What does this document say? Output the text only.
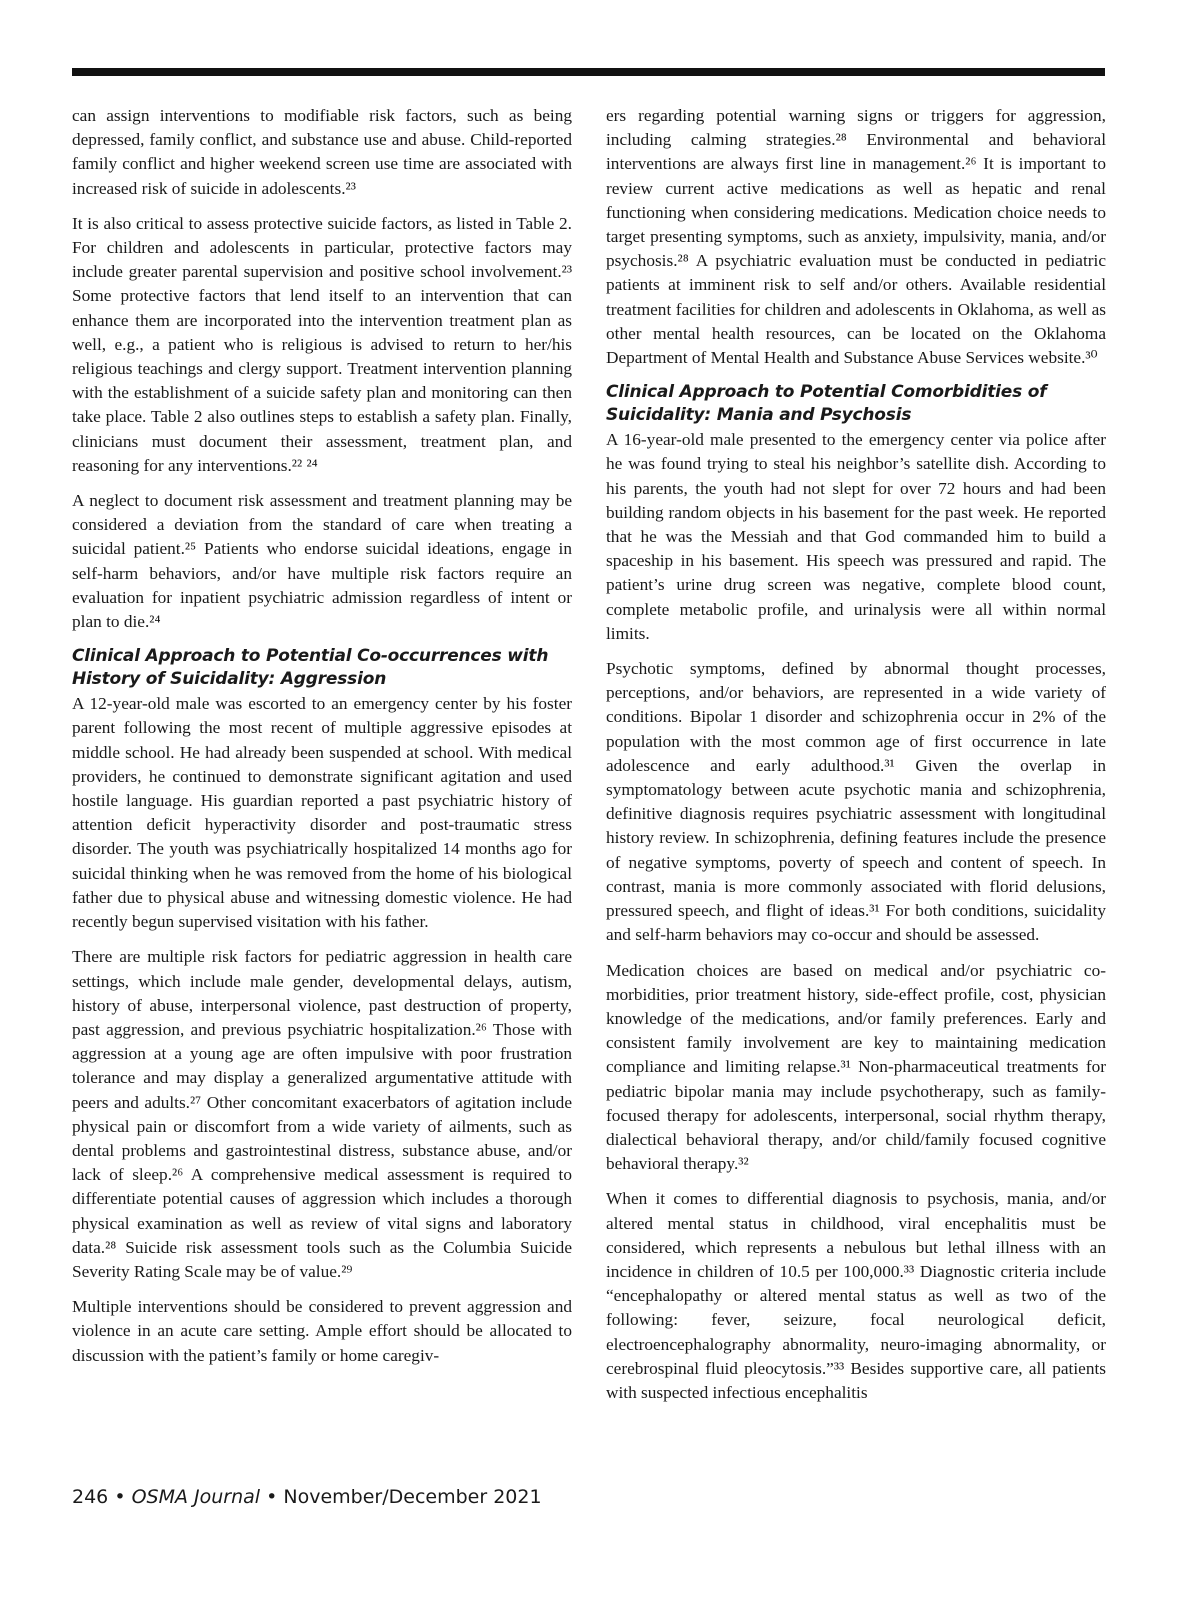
can assign interventions to modifiable risk factors, such as being depressed, family conflict, and substance use and abuse. Child-reported family conflict and higher weekend screen use time are associated with increased risk of suicide in adolescents.²³

It is also critical to assess protective suicide factors, as listed in Table 2. For children and adolescents in particular, protective factors may include greater parental supervision and positive school involvement.²³ Some protective factors that lend itself to an intervention that can enhance them are incorporated into the intervention treatment plan as well, e.g., a patient who is religious is advised to return to her/his religious teachings and clergy support. Treatment intervention planning with the establishment of a suicide safety plan and monitoring can then take place. Table 2 also outlines steps to establish a safety plan. Finally, clinicians must document their assessment, treatment plan, and reasoning for any interventions.²² ²⁴

A neglect to document risk assessment and treatment planning may be considered a deviation from the standard of care when treating a suicidal patient.²⁵ Patients who endorse suicidal ideations, engage in self-harm behaviors, and/or have multiple risk factors require an evaluation for inpatient psychiatric admission regardless of intent or plan to die.²⁴

Clinical Approach to Potential Co-occurrences with History of Suicidality: Aggression

A 12-year-old male was escorted to an emergency center by his foster parent following the most recent of multiple aggressive episodes at middle school. He had already been suspended at school. With medical providers, he continued to demonstrate significant agitation and used hostile language. His guardian reported a past psychiatric history of attention deficit hyperactivity disorder and post-traumatic stress disorder. The youth was psychiatrically hospitalized 14 months ago for suicidal thinking when he was removed from the home of his biological father due to physical abuse and witnessing domestic violence. He had recently begun supervised visitation with his father.

There are multiple risk factors for pediatric aggression in health care settings, which include male gender, developmental delays, autism, history of abuse, interpersonal violence, past destruction of property, past aggression, and previous psychiatric hospitalization.²⁶ Those with aggression at a young age are often impulsive with poor frustration tolerance and may display a generalized argumentative attitude with peers and adults.²⁷ Other concomitant exacerbators of agitation include physical pain or discomfort from a wide variety of ailments, such as dental problems and gastrointestinal distress, substance abuse, and/or lack of sleep.²⁶ A comprehensive medical assessment is required to differentiate potential causes of aggression which includes a thorough physical examination as well as review of vital signs and laboratory data.²⁸ Suicide risk assessment tools such as the Columbia Suicide Severity Rating Scale may be of value.²⁹

Multiple interventions should be considered to prevent aggression and violence in an acute care setting. Ample effort should be allocated to discussion with the patient’s family or home caregiv-

ers regarding potential warning signs or triggers for aggression, including calming strategies.²⁸ Environmental and behavioral interventions are always first line in management.²⁶ It is important to review current active medications as well as hepatic and renal functioning when considering medications. Medication choice needs to target presenting symptoms, such as anxiety, impulsivity, mania, and/or psychosis.²⁸ A psychiatric evaluation must be conducted in pediatric patients at imminent risk to self and/or others. Available residential treatment facilities for children and adolescents in Oklahoma, as well as other mental health resources, can be located on the Oklahoma Department of Mental Health and Substance Abuse Services website.³⁰

Clinical Approach to Potential Comorbidities of Suicidality: Mania and Psychosis

A 16-year-old male presented to the emergency center via police after he was found trying to steal his neighbor’s satellite dish. According to his parents, the youth had not slept for over 72 hours and had been building random objects in his basement for the past week. He reported that he was the Messiah and that God commanded him to build a spaceship in his basement. His speech was pressured and rapid. The patient’s urine drug screen was negative, complete blood count, complete metabolic profile, and urinalysis were all within normal limits.

Psychotic symptoms, defined by abnormal thought processes, perceptions, and/or behaviors, are represented in a wide variety of conditions. Bipolar 1 disorder and schizophrenia occur in 2% of the population with the most common age of first occurrence in late adolescence and early adulthood.³¹ Given the overlap in symptomatology between acute psychotic mania and schizophrenia, definitive diagnosis requires psychiatric assessment with longitudinal history review. In schizophrenia, defining features include the presence of negative symptoms, poverty of speech and content of speech. In contrast, mania is more commonly associated with florid delusions, pressured speech, and flight of ideas.³¹ For both conditions, suicidality and self-harm behaviors may co-occur and should be assessed.

Medication choices are based on medical and/or psychiatric co-morbidities, prior treatment history, side-effect profile, cost, physician knowledge of the medications, and/or family preferences. Early and consistent family involvement are key to maintaining medication compliance and limiting relapse.³¹ Non-pharmaceutical treatments for pediatric bipolar mania may include psychotherapy, such as family-focused therapy for adolescents, interpersonal, social rhythm therapy, dialectical behavioral therapy, and/or child/family focused cognitive behavioral therapy.³²

When it comes to differential diagnosis to psychosis, mania, and/or altered mental status in childhood, viral encephalitis must be considered, which represents a nebulous but lethal illness with an incidence in children of 10.5 per 100,000.³³ Diagnostic criteria include “encephalopathy or altered mental status as well as two of the following: fever, seizure, focal neurological deficit, electroencephalography abnormality, neuro-imaging abnormality, or cerebrospinal fluid pleocytosis.”³³ Besides supportive care, all patients with suspected infectious encephalitis

246 • OSMA Journal • November/December 2021
